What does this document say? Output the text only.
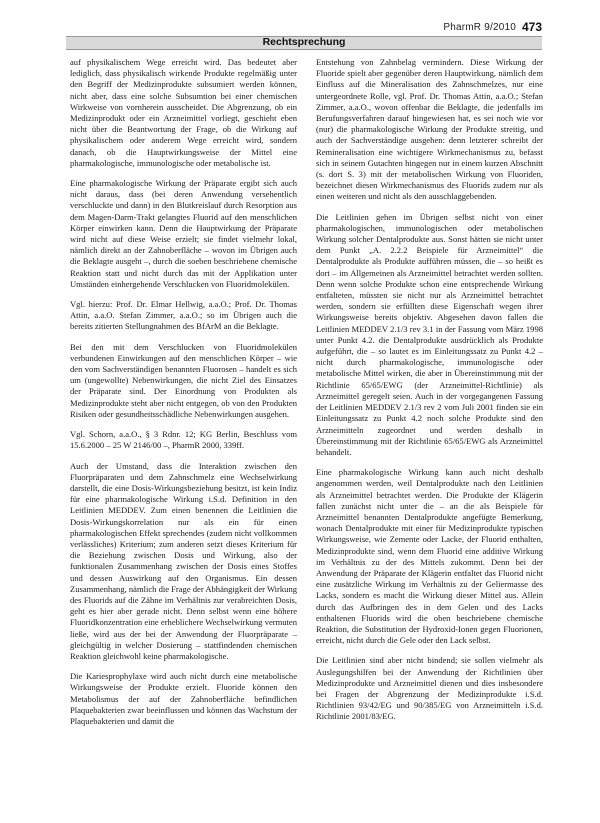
PharmR 9/2010 473
Rechtsprechung

auf physikalischem Wege erreicht wird. Das bedeutet aber lediglich, dass physikalisch wirkende Produkte regelmäßig unter den Begriff der Medizinprodukte subsumiert werden können, nicht aber, dass eine solche Subsumtion bei einer chemischen Wirkweise von vornherein ausscheidet. Die Abgrenzung, ob ein Medizinprodukt oder ein Arzneimittel vorliegt, geschieht eben nicht über die Beantwortung der Frage, ob die Wirkung auf physikalischem oder anderem Wege erreicht wird, sondern danach, ob die Hauptwirkungsweise der Mittel eine pharmakologische, immunologische oder metabolische ist.

Eine pharmakologische Wirkung der Präparate ergibt sich auch nicht daraus, dass (bei deren Anwendung versehentlich verschluckte und dann) in den Blutkreislauf durch Resorption aus dem Magen-Darm-Trakt gelangtes Fluorid auf den menschlichen Körper einwirken kann. Denn die Hauptwirkung der Präparate wird nicht auf diese Weise erzielt; sie findet vielmehr lokal, nämlich direkt an der Zahnoberfläche – wovon im Übrigen auch die Beklagte ausgeht –, durch die soeben beschriebene chemische Reaktion statt und nicht durch das mit der Applikation unter Umständen einhergehende Verschlucken von Fluoridmolekülen.

Vgl. hierzu: Prof. Dr. Elmar Hellwig, a.a.O.; Prof. Dr. Thomas Attin, a.a.O. Stefan Zimmer, a.a.O.; so im Übrigen auch die bereits zitierten Stellungnahmen des BfArM an die Beklagte.

Bei den mit dem Verschlucken von Fluoridmolekülen verbundenen Einwirkungen auf den menschlichen Körper – wie den vom Sachverständigen benannten Fluorosen – handelt es sich um (ungewollte) Nebenwirkungen, die nicht Ziel des Einsatzes der Präparate sind. Der Einordnung von Produkten als Medizinprodukte steht aber nicht entgegen, ob von den Produkten Risiken oder gesundheitsschädliche Nebenwirkungen ausgehen.

Vgl. Schorn, a.a.O., § 3 Rdnr. 12; KG Berlin, Beschluss vom 15.6.2000 – 25 W 2146/00 –, PharmR 2000, 339ff.

Auch der Umstand, dass die Interaktion zwischen den Fluorpräparaten und dem Zahnschmelz eine Wechselwirkung darstellt, die eine Dosis-Wirkungsbeziehung besitzt, ist kein Indiz für eine pharmakologische Wirkung i.S.d. Definition in den Leitlinien MEDDEV. Zum einen benennen die Leitlinien die Dosis-Wirkungskorrelation nur als ein für einen pharmakologischen Effekt sprechendes (zudem nicht vollkommen verlässliches) Kriterium; zum anderen setzt dieses Kriterium für die Beziehung zwischen Dosis und Wirkung, also der funktionalen Zusammenhang zwischen der Dosis eines Stoffes und dessen Auswirkung auf den Organismus. Ein dessen Zusammenhang, nämlich die Frage der Abhängigkeit der Wirkung des Fluorids auf die Zähne im Verhältnis zur verabreichten Dosis, geht es hier aber gerade nicht. Denn selbst wenn eine höhere Fluoridkonzentration eine erheblichere Wechselwirkung vermuten ließe, wird aus der bei der Anwendung der Fluorpräparate – gleichgültig in welcher Dosierung – stattfindenden chemischen Reaktion gleichwohl keine pharmakologische.

Die Kariesprophylaxe wird auch nicht durch eine metabolische Wirkungsweise der Produkte erzielt. Fluoride können den Metabolismus der auf der Zahnoberfläche befindlichen Plaquebakterien zwar beeinflussen und können das Wachstum der Plaquebakterien und damit die

Entstehung von Zahnbelag vermindern. Diese Wirkung der Fluoride spielt aber gegenüber deren Hauptwirkung, nämlich dem Einfluss auf die Mineralisation des Zahnschmelzes, nur eine untergeordnete Rolle, vgl. Prof. Dr. Thomas Attin, a.a.O.; Stefan Zimmer, a.a.O., wovon offenbar die Beklagte, die jedenfalls im Berufungsverfahren darauf hingewiesen hat, es sei noch wie vor (nur) die pharmakologische Wirkung der Produkte streitig, und auch der Sachverständige ausgehen: denn letzterer schreibt der Remineralisation eine wichtigere Wirkmechanismus zu, befasst sich in seinem Gutachten hingegen nur in einem kurzen Abschnitt (s. dort S. 3) mit der metabolischen Wirkung von Fluoriden, bezeichnet diesen Wirkmechanismus des Fluorids zudem nur als einen weiteren und nicht als den ausschlaggebenden.

Die Leitlinien gehen im Übrigen selbst nicht von einer pharmakologischen, immunologischen oder metabolischen Wirkung solcher Dentalprodukte aus. Sonst hätten sie nicht unter dem Punkt „A. 2.2.2 Beispiele für Arzneimittel“ die Dentalprodukte als Produkte aufführen müssen, die – so heißt es dort – im Allgemeinen als Arzneimittel betrachtet werden sollten. Denn wenn solche Produkte schon eine entsprechende Wirkung entfalteten, müssten sie nicht nur als Arzneimittel betrachtet werden, sondern sie erfüllten diese Eigenschaft wegen ihrer Wirkungsweise bereits objektiv. Abgesehen davon fallen die Leitlinien MEDDEV 2.1/3 rev 3.1 in der Fassung vom März 1998 unter Punkt 4.2. die Dentalprodukte ausdrücklich als Produkte aufgeführt, die – so lautet es im Einleitungssatz zu Punkt 4.2 – nicht durch pharmakologische, immunologische oder metabolische Mittel wirken, die aber in Übereinstimmung mit der Richtlinie 65/65/EWG (der Arzneimittel-Richtlinie) als Arzneimittel geregelt seien. Auch in der vorgegangenen Fassung der Leitlinien MEDDEV 2.1/3 rev 2 vom Juli 2001 finden sie ein Einleitungssatz zu Punkt 4.2 noch solche Produkte sind den Arzneimitteln zugeordnet und werden deshalb in Übereinstimmung mit der Richtlinie 65/65/EWG als Arzneimittel behandelt.

Eine pharmakologische Wirkung kann auch nicht deshalb angenommen werden, weil Dentalprodukte nach den Leitlinien als Arzneimittel betrachtet werden. Die Produkte der Klägerin fallen zunächst nicht unter die – an die als Beispiele für Arzneimittel benannten Dentalprodukte angefügte Bemerkung, wonach Dentalprodukte mit einer für Medizinprodukte typischen Wirkungsweise, wie Zemente oder Lacke, der Fluorid enthalten, Medizinprodukte sind, wenn dem Fluorid eine additive Wirkung im Verhältnis zu der des Mittels zukommt. Denn bei der Anwendung der Präparate der Klägerin entfaltet das Fluorid nicht eine zusätzliche Wirkung im Verhältnis zu der Geliermasse des Lacks, sondern es macht die Wirkung dieser Mittel aus. Allein durch das Aufbringen des in dem Gelen und des Lacks enthaltenen Fluorids wird die oben beschriebene chemische Reaktion, die Substitution der Hydroxid-Ionen gegen Fluorionen, erreicht, nicht durch die Gele oder den Lack selbst.

Die Leitlinien sind aber nicht bindend; sie sollen vielmehr als Auslegungshilfen bei der Anwendung der Richtlinien über Medizinprodukte und Arzneimittel dienen und dies insbesondere bei Fragen der Abgrenzung der Medizinprodukte i.S.d. Richtlinien 93/42/EG und 90/385/EG von Arzneimitteln i.S.d. Richtlinie 2001/83/EG.
